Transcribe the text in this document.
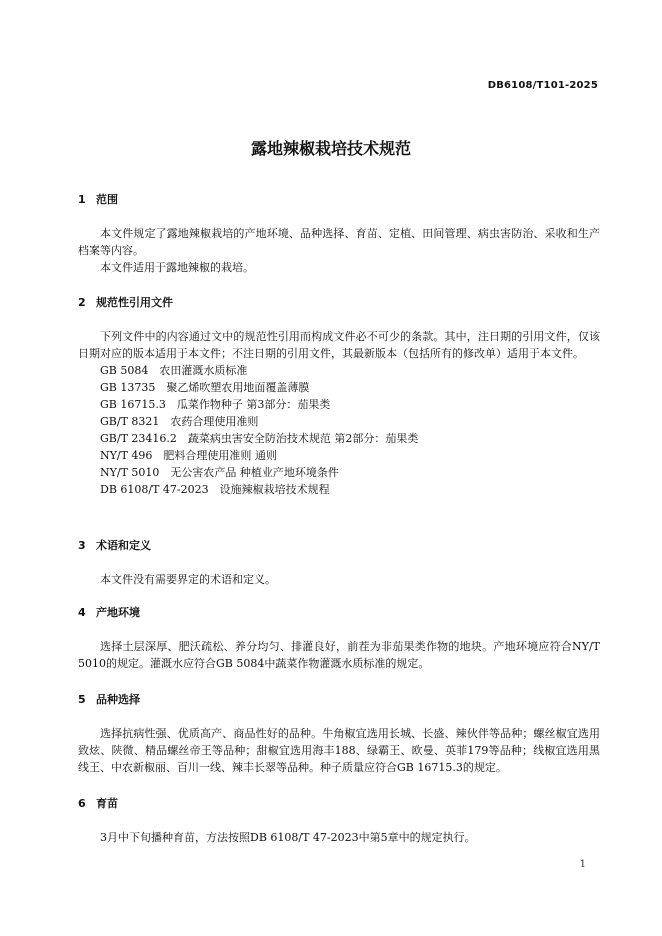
DB6108/T101-2025
露地辣椒栽培技术规范
1 范围
本文件规定了露地辣椒栽培的产地环境、品种选择、育苗、定植、田间管理、病虫害防治、采收和生产档案等内容。
本文件适用于露地辣椒的栽培。
2 规范性引用文件
下列文件中的内容通过文中的规范性引用而构成文件必不可少的条款。其中，注日期的引用文件，仅该日期对应的版本适用于本文件；不注日期的引用文件，其最新版本（包括所有的修改单）适用于本文件。
GB 5084　农田灌溉水质标准
GB 13735　聚乙烯吹塑农用地面覆盖薄膜
GB 16715.3　瓜菜作物种子 第3部分：茄果类
GB/T 8321　农药合理使用准则
GB/T 23416.2　蔬菜病虫害安全防治技术规范 第2部分：茄果类
NY/T 496　肥料合理使用准则 通则
NY/T 5010　无公害农产品 种植业产地环境条件
DB 6108/T 47-2023　设施辣椒栽培技术规程
3 术语和定义
本文件没有需要界定的术语和定义。
4 产地环境
选择土层深厚、肥沃疏松、养分均匀、排灌良好，前茬为非茄果类作物的地块。产地环境应符合NY/T 5010的规定。灌溉水应符合GB 5084中蔬菜作物灌溉水质标准的规定。
5 品种选择
选择抗病性强、优质高产、商品性好的品种。牛角椒宜选用长城、长盛、辣伙伴等品种；螺丝椒宜选用致炫、陕微、精品螺丝帝王等品种；甜椒宜选用海丰188、绿霸王、欧曼、英菲179等品种；线椒宜选用黑线王、中农新椒丽、百川一线、辣丰长翠等品种。种子质量应符合GB 16715.3的规定。
6 育苗
3月中下旬播种育苗，方法按照DB 6108/T 47-2023中第5章中的规定执行。
1
